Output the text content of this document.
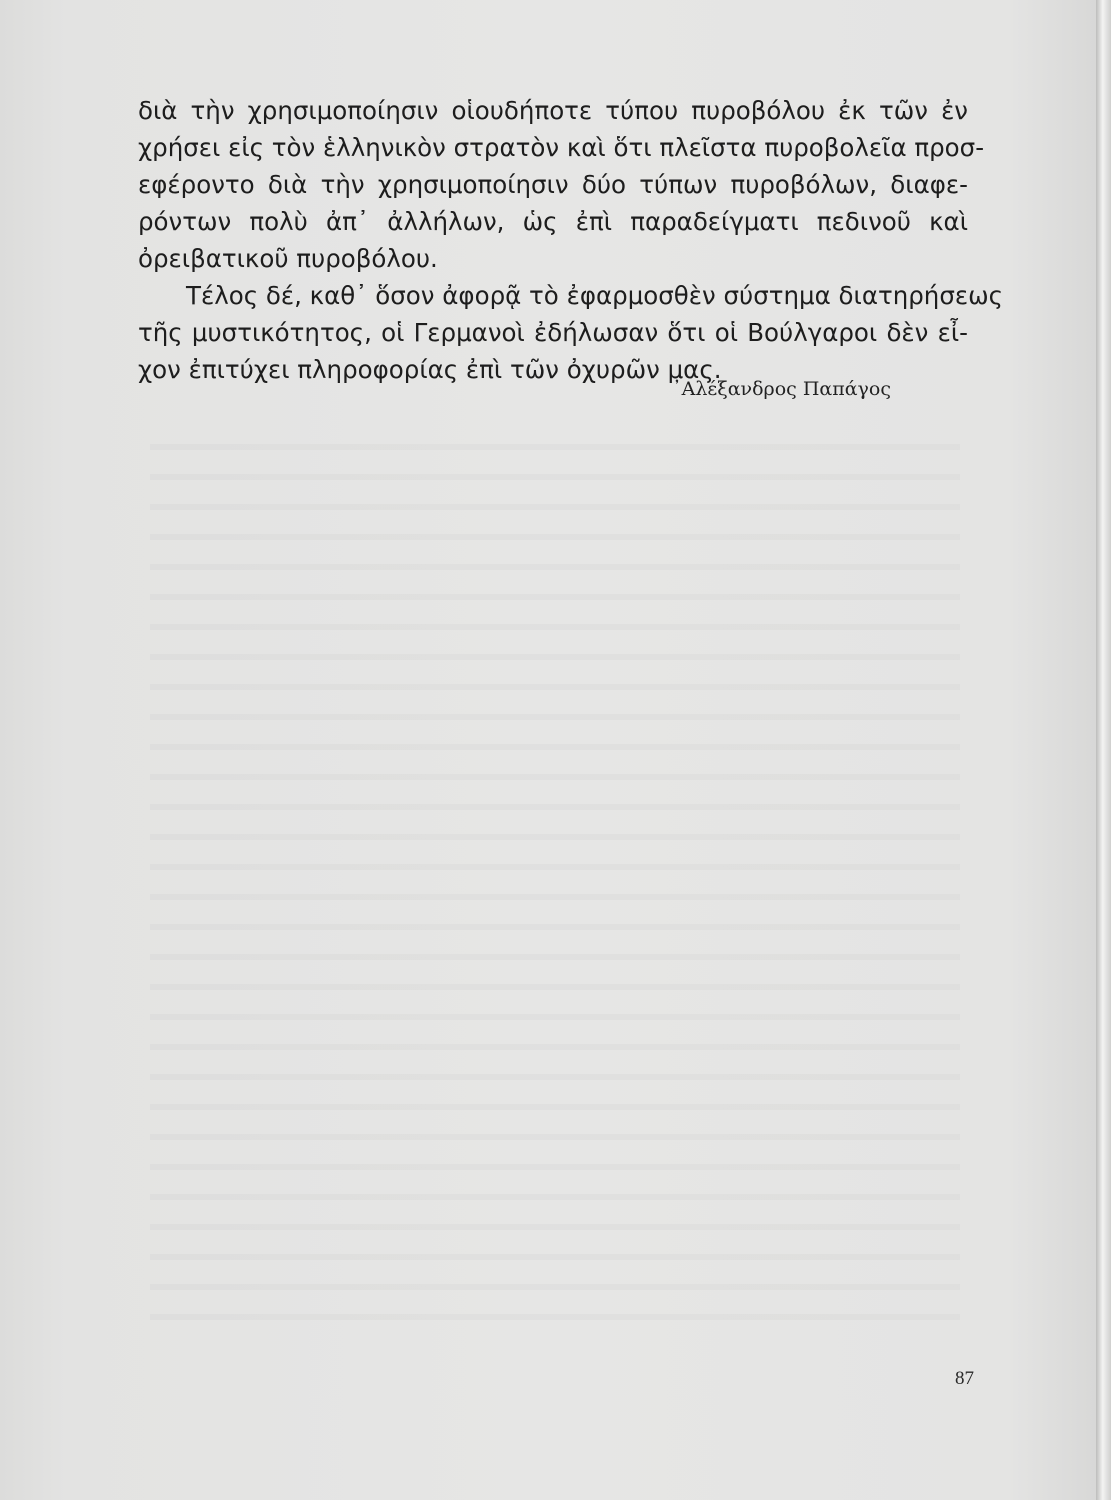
διὰ τὴν χρησιμοποίησιν οἱουδήποτε τύπου πυροβόλου ἐκ τῶν ἐν
χρήσει εἰς τὸν ἑλληνικὸν στρατὸν καὶ ὅτι πλεῖστα πυροβολεῖα προσ-
εφέροντο διὰ τὴν χρησιμοποίησιν δύο τύπων πυροβόλων, διαφε-
ρόντων πολὺ ἀπ᾽ ἀλλήλων, ὡς ἐπὶ παραδείγματι πεδινοῦ καὶ
ὀρειβατικοῦ πυροβόλου.
Τέλος δέ, καθ᾽ ὅσον ἀφορᾷ τὸ ἐφαρμοσθὲν σύστημα διατηρήσεως
τῆς μυστικότητος, οἱ Γερμανοὶ ἐδήλωσαν ὅτι οἱ Βούλγαροι δὲν εἶ-
χον ἐπιτύχει πληροφορίας ἐπὶ τῶν ὀχυρῶν μας.
᾿Αλέξανδρος Παπάγος
87
